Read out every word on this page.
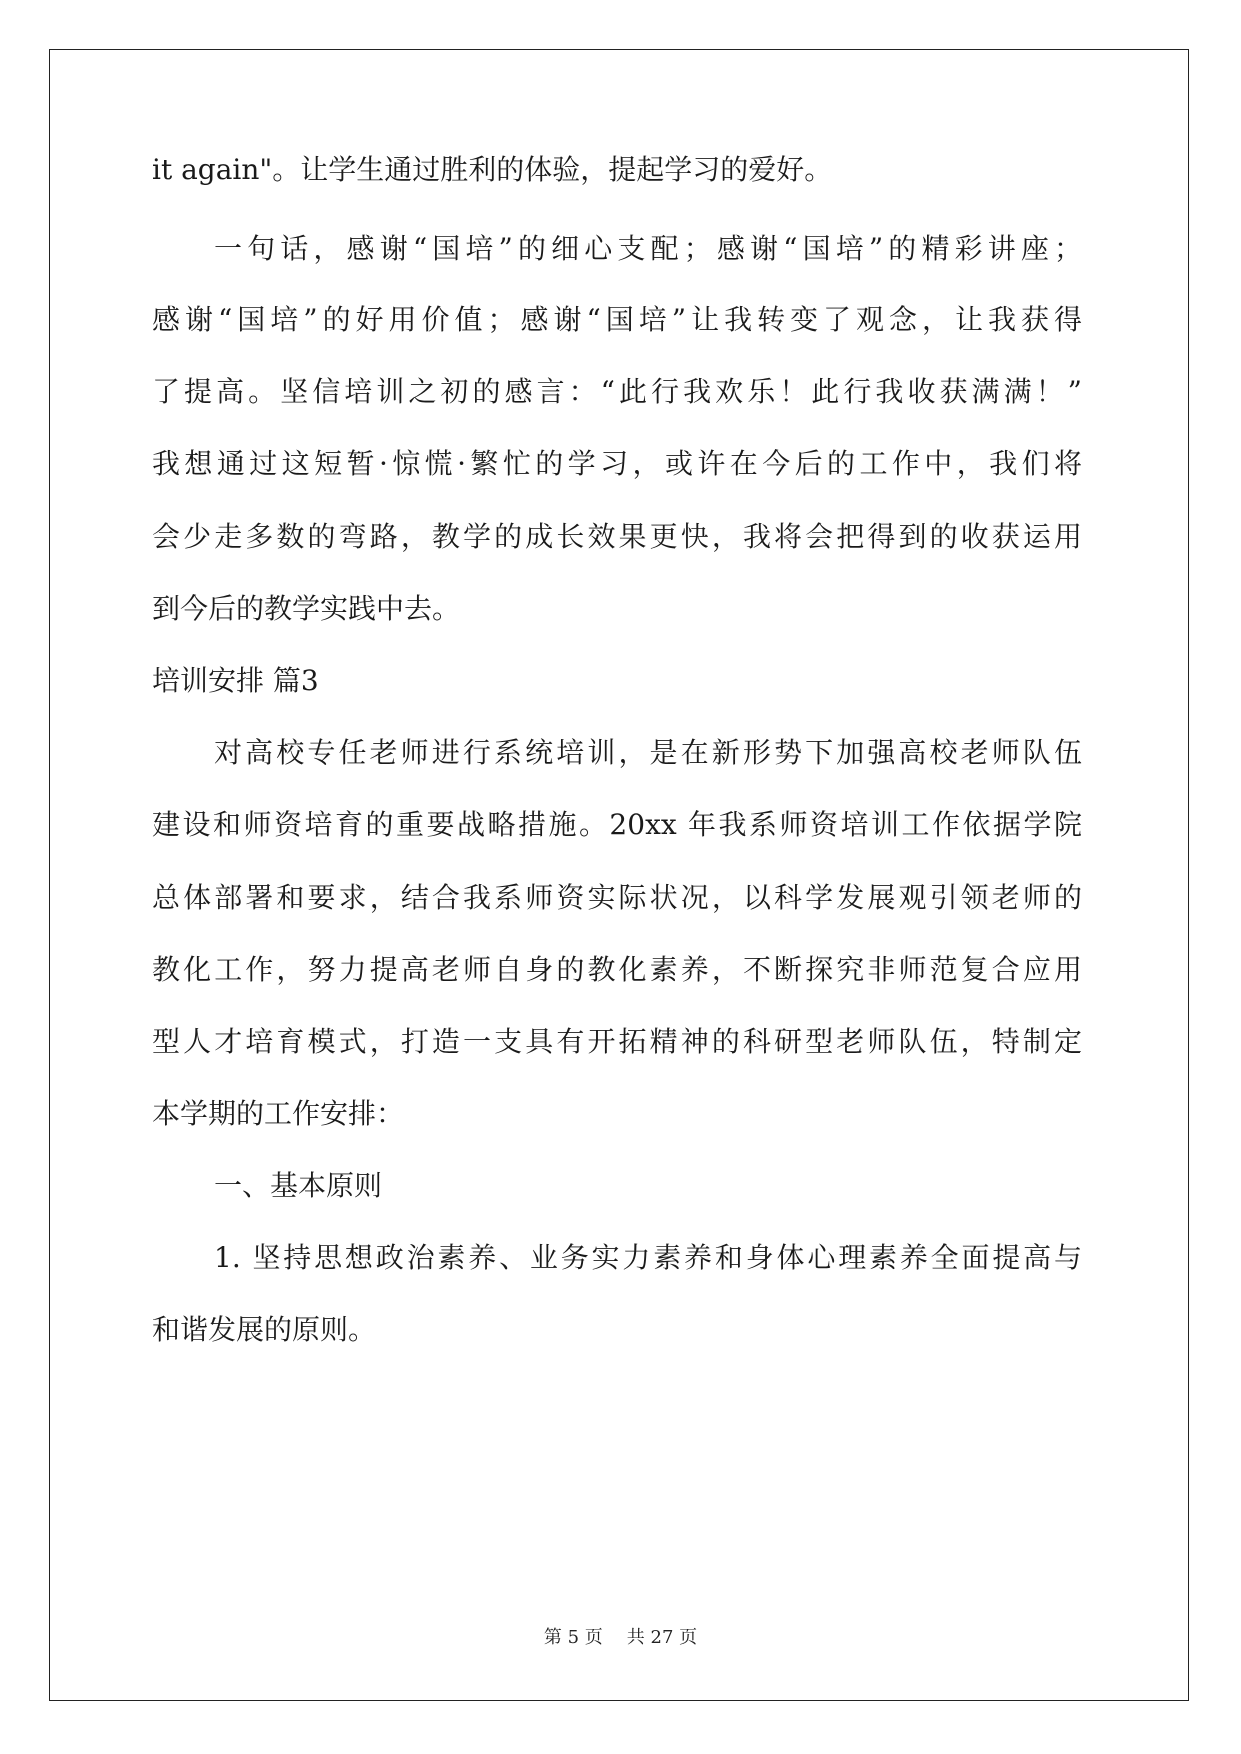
it again"。让学生通过胜利的体验，提起学习的爱好。
一句话，感谢“国培”的细心支配；感谢“国培”的精彩讲座；
感谢“国培”的好用价值；感谢“国培”让我转变了观念，让我获得
了提高。坚信培训之初的感言：“此行我欢乐！此行我收获满满！”
我想通过这短暂·惊慌·繁忙的学习，或许在今后的工作中，我们将
会少走多数的弯路，教学的成长效果更快，我将会把得到的收获运用
到今后的教学实践中去。
培训安排 篇3
对高校专任老师进行系统培训，是在新形势下加强高校老师队伍
建设和师资培育的重要战略措施。20xx 年我系师资培训工作依据学院
总体部署和要求，结合我系师资实际状况，以科学发展观引领老师的
教化工作，努力提高老师自身的教化素养，不断探究非师范复合应用
型人才培育模式，打造一支具有开拓精神的科研型老师队伍，特制定
本学期的工作安排：
一、基本原则
1. 坚持思想政治素养、业务实力素养和身体心理素养全面提高与
和谐发展的原则。
第 5 页 共 27 页
